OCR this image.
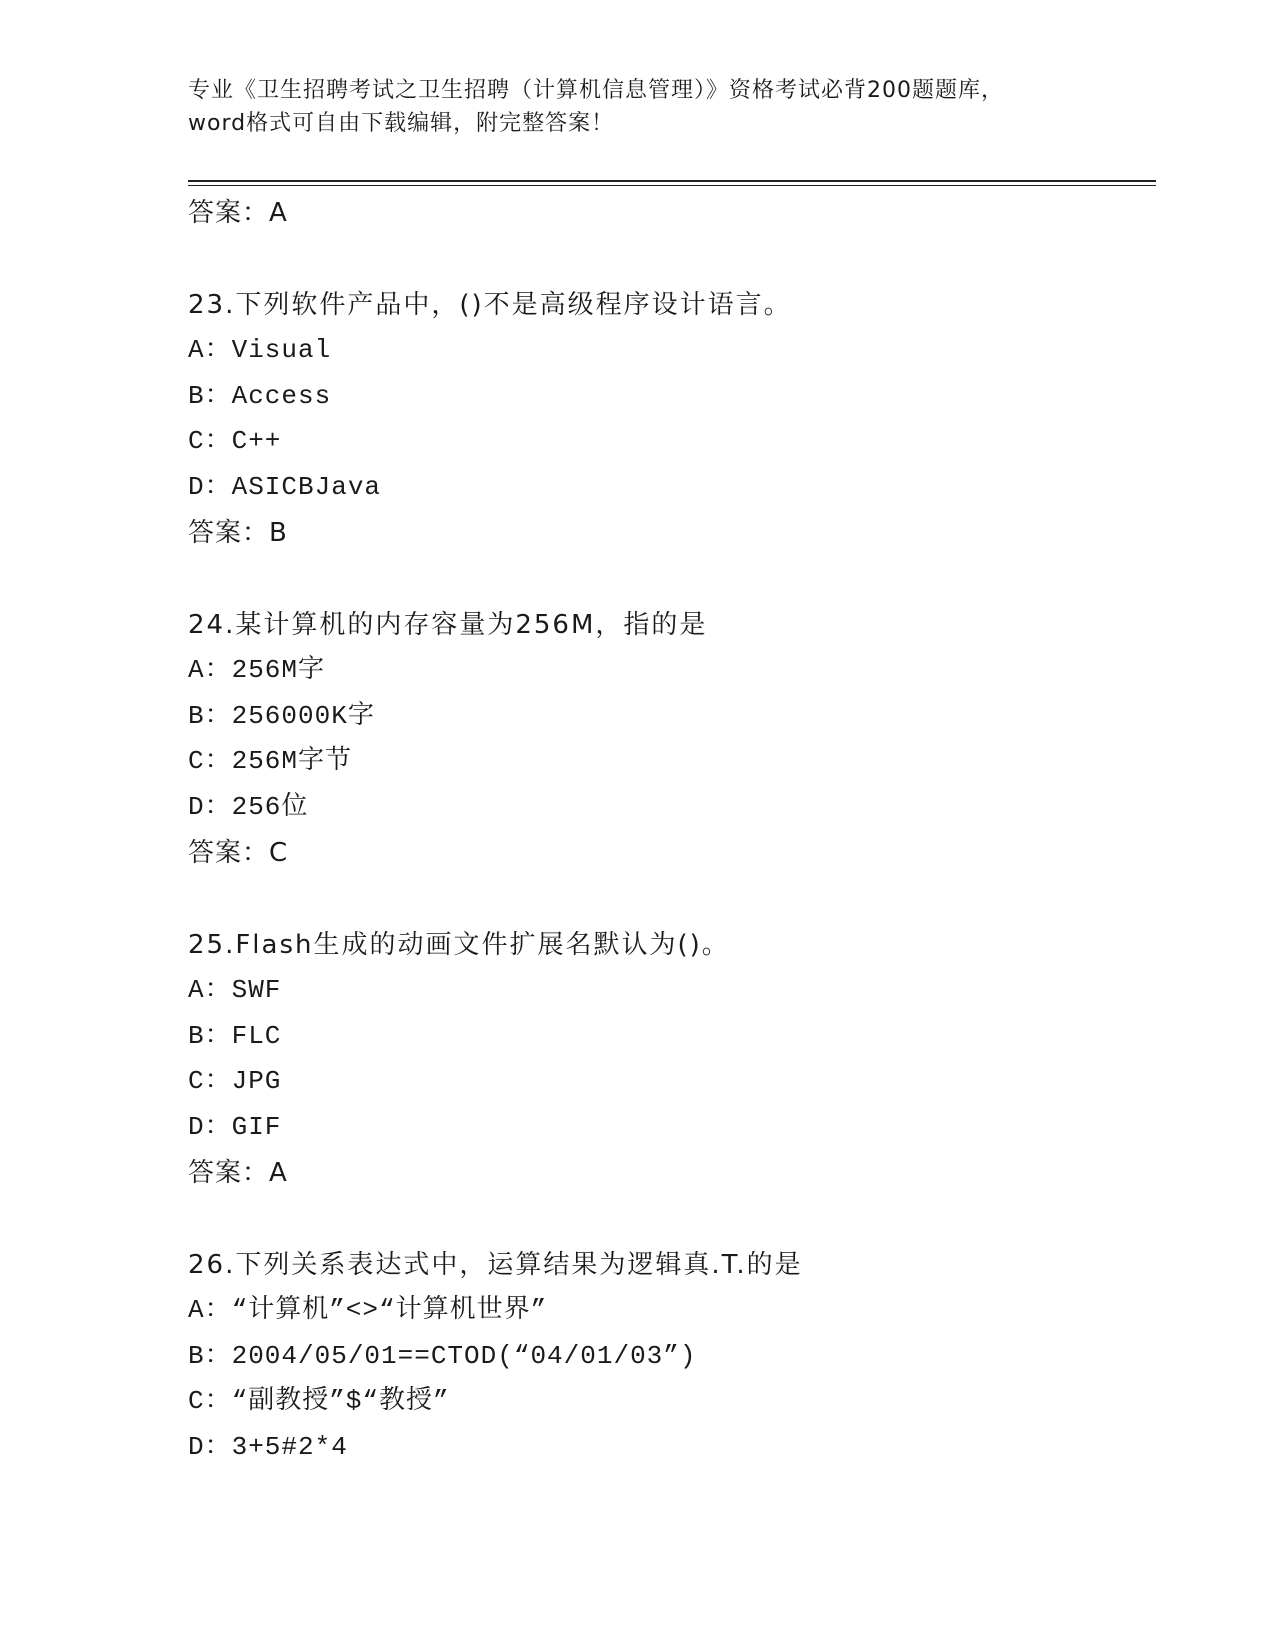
专业《卫生招聘考试之卫生招聘（计算机信息管理）》资格考试必背200题题库，
word格式可自由下载编辑，附完整答案！
答案：A
23.下列软件产品中，()不是高级程序设计语言。
A：Visual
B：Access
C：C++
D：ASICBJava
答案：B
24.某计算机的内存容量为256M，指的是
A：256M字
B：256000K字
C：256M字节
D：256位
答案：C
25.Flash生成的动画文件扩展名默认为()。
A：SWF
B：FLC
C：JPG
D：GIF
答案：A
26.下列关系表达式中，运算结果为逻辑真.T.的是
A：“计算机”<>“计算机世界”
B：2004/05/01==CTOD(“04/01/03”)
C：“副教授”$“教授”
D：3+5#2*4
